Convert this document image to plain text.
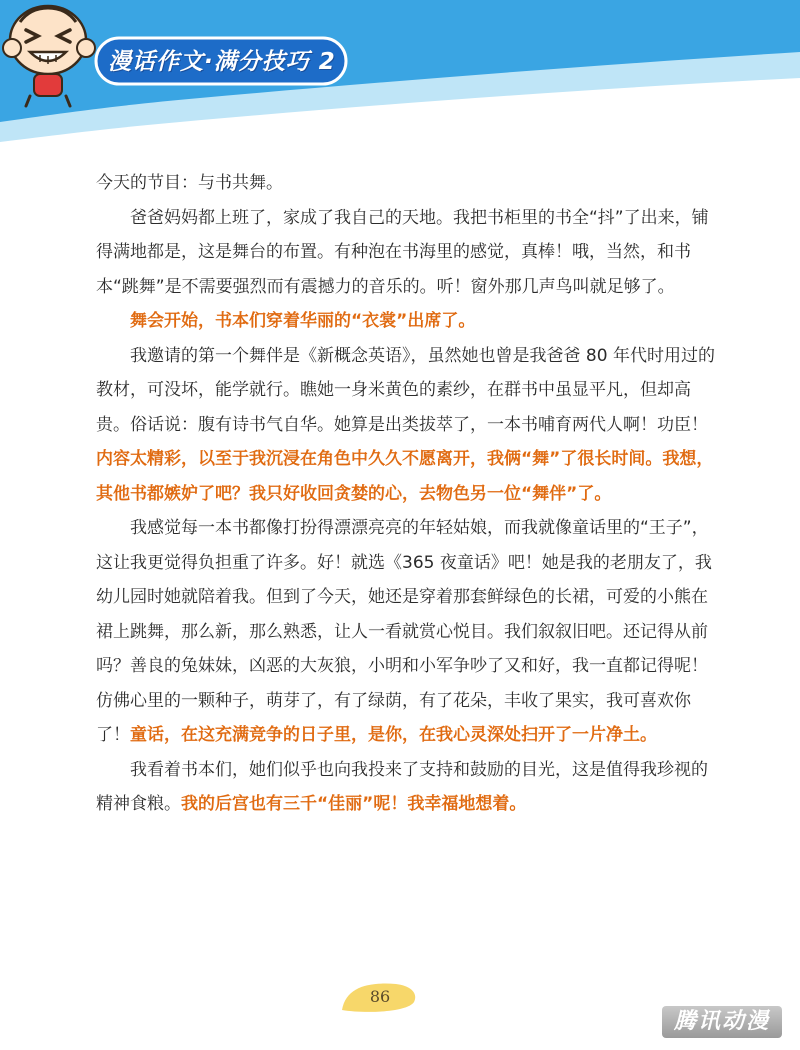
漫话作文·满分技巧 2

今天的节目：与书共舞。

爸爸妈妈都上班了，家成了我自己的天地。我把书柜里的书全“抖”了出来，铺得满地都是，这是舞台的布置。有种泡在书海里的感觉，真棒！哦，当然，和书本“跳舞”是不需要强烈而有震撼力的音乐的。听！窗外那几声鸟叫就足够了。

舞会开始，书本们穿着华丽的“衣裳”出席了。

我邀请的第一个舞伴是《新概念英语》，虽然她也曾是我爸爸 80 年代时用过的教材，可没坏，能学就行。瞧她一身米黄色的素纱，在群书中虽显平凡，但却高贵。俗话说：腹有诗书气自华。她算是出类拔萃了，一本书哺育两代人啊！功臣！内容太精彩，以至于我沉浸在角色中久久不愿离开，我俩“舞”了很长时间。我想，其他书都嫉妒了吧？我只好收回贪婪的心，去物色另一位“舞伴”了。

我感觉每一本书都像打扮得漂漂亮亮的年轻姑娘，而我就像童话里的“王子”，这让我更觉得负担重了许多。好！就选《365 夜童话》吧！她是我的老朋友了，我幼儿园时她就陪着我。但到了今天，她还是穿着那套鲜绿色的长裙，可爱的小熊在裙上跳舞，那么新，那么熟悉，让人一看就赏心悦目。我们叙叙旧吧。还记得从前吗？善良的兔妹妹，凶恶的大灰狼，小明和小军争吵了又和好，我一直都记得呢！仿佛心里的一颗种子，萌芽了，有了绿荫，有了花朵，丰收了果实，我可喜欢你了！童话，在这充满竞争的日子里，是你，在我心灵深处扫开了一片净土。

我看着书本们，她们似乎也向我投来了支持和鼓励的目光，这是值得我珍视的精神食粮。我的后宫也有三千“佳丽”呢！我幸福地想着。

86
腾讯动漫
